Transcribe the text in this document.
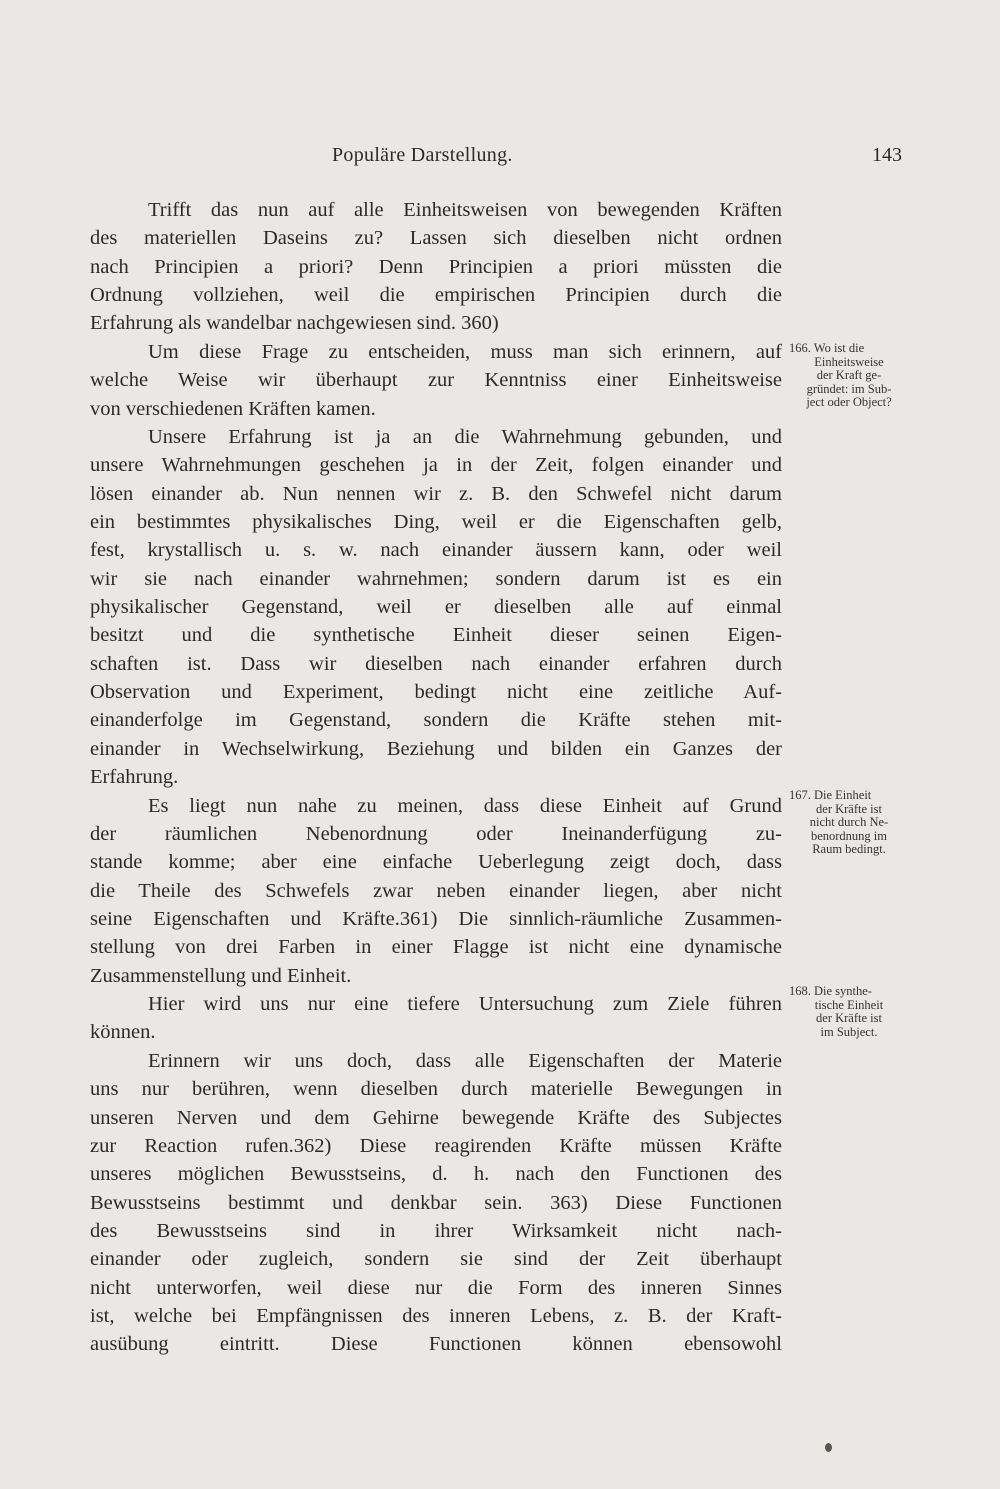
Populäre Darstellung.	143
Trifft das nun auf alle Einheitsweisen von bewegenden Kräften
des materiellen Daseins zu? Lassen sich dieselben nicht ordnen
nach Principien a priori? Denn Principien a priori müssten die
Ordnung vollziehen, weil die empirischen Principien durch die
Erfahrung als wandelbar nachgewiesen sind. 360)
Um diese Frage zu entscheiden, muss man sich erinnern, auf
welche Weise wir überhaupt zur Kenntniss einer Einheitsweise
von verschiedenen Kräften kamen.
Unsere Erfahrung ist ja an die Wahrnehmung gebunden, und
unsere Wahrnehmungen geschehen ja in der Zeit, folgen einander und
lösen einander ab. Nun nennen wir z. B. den Schwefel nicht darum
ein bestimmtes physikalisches Ding, weil er die Eigenschaften gelb,
fest, krystallisch u. s. w. nach einander äussern kann, oder weil
wir sie nach einander wahrnehmen; sondern darum ist es ein
physikalischer Gegenstand, weil er dieselben alle auf einmal
besitzt und die synthetische Einheit dieser seinen Eigen-
schaften ist. Dass wir dieselben nach einander erfahren durch
Observation und Experiment, bedingt nicht eine zeitliche Auf-
einanderfolge im Gegenstand, sondern die Kräfte stehen mit-
einander in Wechselwirkung, Beziehung und bilden ein Ganzes der
Erfahrung.
Es liegt nun nahe zu meinen, dass diese Einheit auf Grund
der räumlichen Nebenordnung oder Ineinanderfügung zu-
stande komme; aber eine einfache Ueberlegung zeigt doch, dass
die Theile des Schwefels zwar neben einander liegen, aber nicht
seine Eigenschaften und Kräfte.361) Die sinnlich-räumliche Zusammen-
stellung von drei Farben in einer Flagge ist nicht eine dynamische
Zusammenstellung und Einheit.
Hier wird uns nur eine tiefere Untersuchung zum Ziele führen
können.
Erinnern wir uns doch, dass alle Eigenschaften der Materie
uns nur berühren, wenn dieselben durch materielle Bewegungen in
unseren Nerven und dem Gehirne bewegende Kräfte des Subjectes
zur Reaction rufen.362) Diese reagirenden Kräfte müssen Kräfte
unseres möglichen Bewusstseins, d. h. nach den Functionen des
Bewusstseins bestimmt und denkbar sein. 363) Diese Functionen
des Bewusstseins sind in ihrer Wirksamkeit nicht nach-
einander oder zugleich, sondern sie sind der Zeit überhaupt
nicht unterworfen, weil diese nur die Form des inneren Sinnes
ist, welche bei Empfängnissen des inneren Lebens, z. B. der Kraft-
ausübung eintritt. Diese Functionen können ebensowohl
166. Wo ist die
Einheitsweise
der Kraft ge-
gründet: im Sub-
ject oder Object?
167. Die Einheit
der Kräfte ist
nicht durch Ne-
benordnung im
Raum bedingt.
168. Die synthe-
tische Einheit
der Kräfte ist
im Subject.
